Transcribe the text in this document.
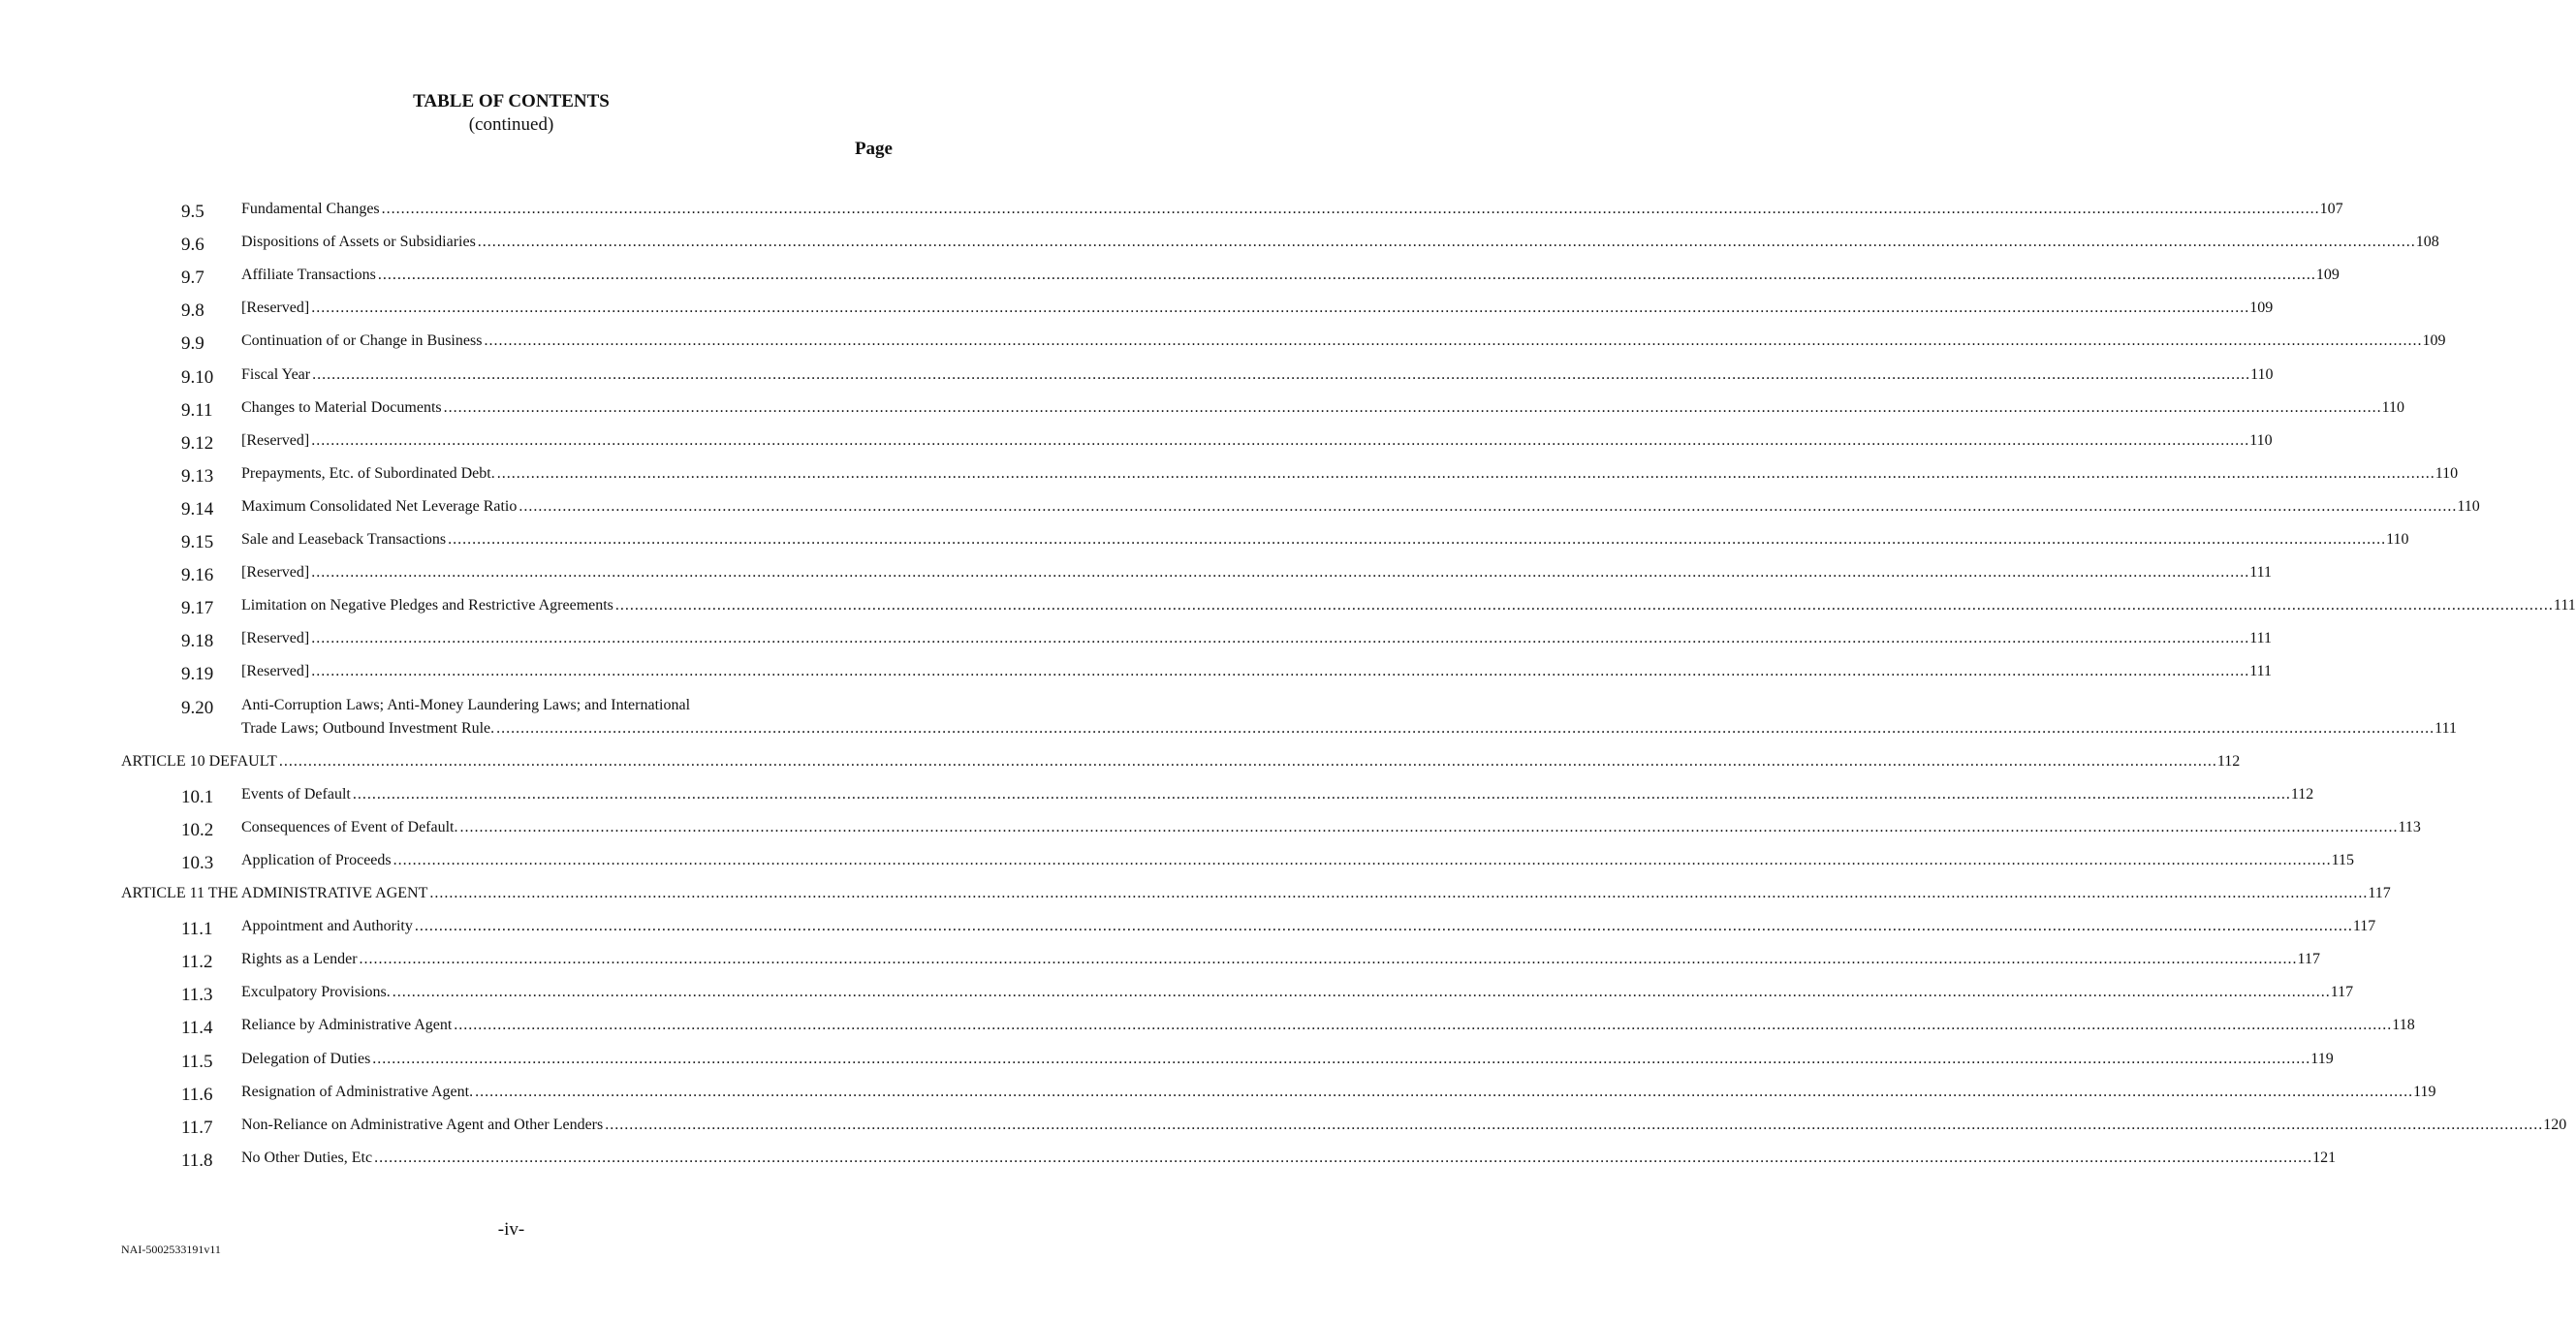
TABLE OF CONTENTS
(continued)
Page
9.5 Fundamental Changes ................................................................................................................................................................................................................................................................................................................................................................................................................ 107
9.6 Dispositions of Assets or Subsidiaries ................................................................................................................................................................................................................................................................................................................................................................................................................ 108
9.7 Affiliate Transactions ................................................................................................................................................................................................................................................................................................................................................................................................................ 109
9.8 [Reserved] ................................................................................................................................................................................................................................................................................................................................................................................................................ 109
9.9 Continuation of or Change in Business ................................................................................................................................................................................................................................................................................................................................................................................................................ 109
9.10 Fiscal Year ................................................................................................................................................................................................................................................................................................................................................................................................................ 110
9.11 Changes to Material Documents ................................................................................................................................................................................................................................................................................................................................................................................................................ 110
9.12 [Reserved] ................................................................................................................................................................................................................................................................................................................................................................................................................ 110
9.13 Prepayments, Etc. of Subordinated Debt. ................................................................................................................................................................................................................................................................................................................................................................................................................ 110
9.14 Maximum Consolidated Net Leverage Ratio ................................................................................................................................................................................................................................................................................................................................................................................................................ 110
9.15 Sale and Leaseback Transactions ................................................................................................................................................................................................................................................................................................................................................................................................................ 110
9.16 [Reserved] ................................................................................................................................................................................................................................................................................................................................................................................................................ 111
9.17 Limitation on Negative Pledges and Restrictive Agreements ................................................................................................................................................................................................................................................................................................................................................................................................................ 111
9.18 [Reserved] ................................................................................................................................................................................................................................................................................................................................................................................................................ 111
9.19 [Reserved] ................................................................................................................................................................................................................................................................................................................................................................................................................ 111
9.20 Anti-Corruption Laws; Anti-Money Laundering Laws; and International
Trade Laws; Outbound Investment Rule. ................................................................................................................................................................................................................................................................................................................................................................................................................ 111
ARTICLE 10 DEFAULT ................................................................................................................................................................................................................................................................................................................................................................................................................ 112
10.1 Events of Default ................................................................................................................................................................................................................................................................................................................................................................................................................ 112
10.2 Consequences of Event of Default. ................................................................................................................................................................................................................................................................................................................................................................................................................ 113
10.3 Application of Proceeds ................................................................................................................................................................................................................................................................................................................................................................................................................ 115
ARTICLE 11 THE ADMINISTRATIVE AGENT ................................................................................................................................................................................................................................................................................................................................................................................................................ 117
11.1 Appointment and Authority ................................................................................................................................................................................................................................................................................................................................................................................................................ 117
11.2 Rights as a Lender ................................................................................................................................................................................................................................................................................................................................................................................................................ 117
11.3 Exculpatory Provisions. ................................................................................................................................................................................................................................................................................................................................................................................................................ 117
11.4 Reliance by Administrative Agent ................................................................................................................................................................................................................................................................................................................................................................................................................ 118
11.5 Delegation of Duties ................................................................................................................................................................................................................................................................................................................................................................................................................ 119
11.6 Resignation of Administrative Agent. ................................................................................................................................................................................................................................................................................................................................................................................................................ 119
11.7 Non-Reliance on Administrative Agent and Other Lenders ................................................................................................................................................................................................................................................................................................................................................................................................................ 120
11.8 No Other Duties, Etc ................................................................................................................................................................................................................................................................................................................................................................................................................ 121
-iv-
NAI-5002533191v11
